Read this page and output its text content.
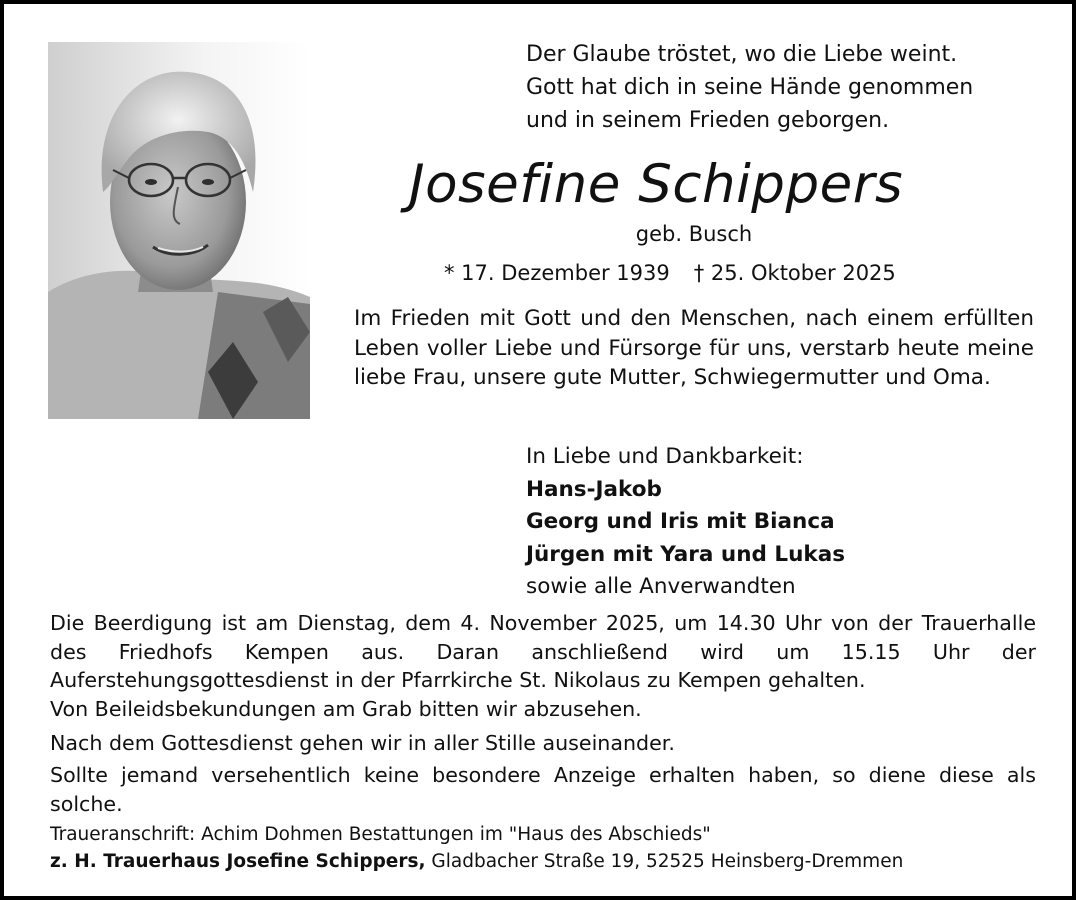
Der Glaube tröstet, wo die Liebe weint.
Gott hat dich in seine Hände genommen
und in seinem Frieden geborgen.
Josefine Schippers
geb. Busch
* 17. Dezember 1939 † 25. Oktober 2025
Im Frieden mit Gott und den Menschen, nach einem erfüllten Leben voller Liebe und Fürsorge für uns, verstarb heute meine liebe Frau, unsere gute Mutter, Schwiegermutter und Oma.
In Liebe und Dankbarkeit:
Hans-Jakob
Georg und Iris mit Bianca
Jürgen mit Yara und Lukas
sowie alle Anverwandten
Die Beerdigung ist am Dienstag, dem 4. November 2025, um 14.30 Uhr von der Trauerhalle des Friedhofs Kempen aus. Daran anschließend wird um 15.15 Uhr der Auferstehungsgottesdienst in der Pfarrkirche St. Nikolaus zu Kempen gehalten.
Von Beileidsbekundungen am Grab bitten wir abzusehen.
Nach dem Gottesdienst gehen wir in aller Stille auseinander.
Sollte jemand versehentlich keine besondere Anzeige erhalten haben, so diene diese als solche.
Traueranschrift: Achim Dohmen Bestattungen im "Haus des Abschieds"
z. H. Trauerhaus Josefine Schippers, Gladbacher Straße 19, 52525 Heinsberg-Dremmen
